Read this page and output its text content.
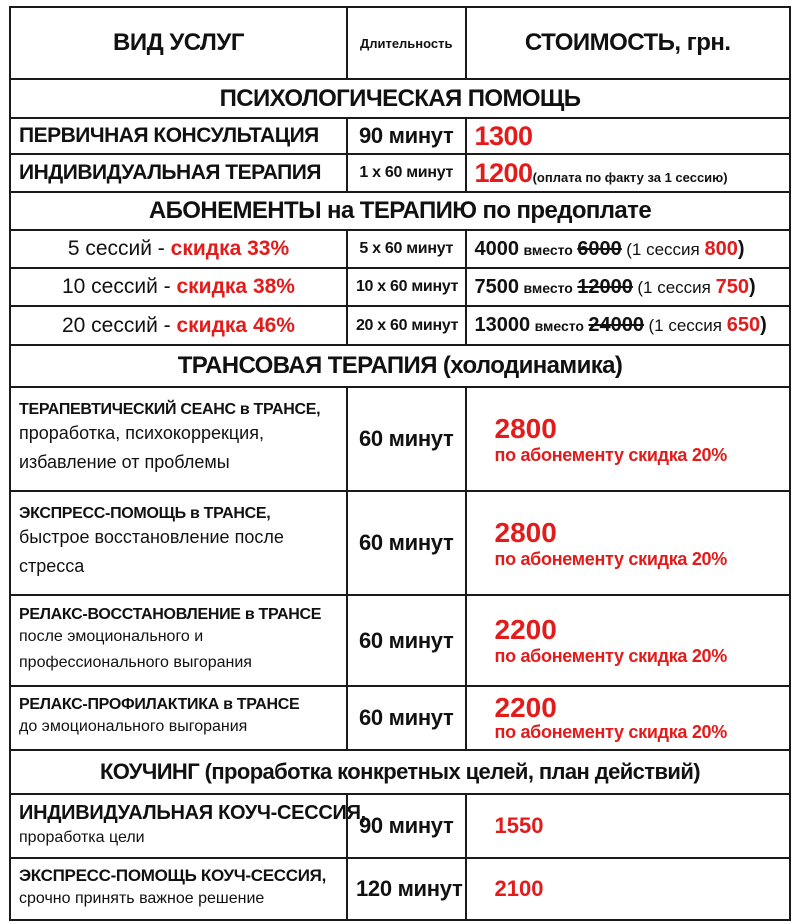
ВИД УСЛУГ	Длительность	СТОИМОСТЬ, грн.
ПСИХОЛОГИЧЕСКАЯ ПОМОЩЬ		
ПЕРВИЧНАЯ КОНСУЛЬТАЦИЯ	90 минут	1300
ИНДИВИДУАЛЬНАЯ ТЕРАПИЯ	1 х 60 минут	1200(оплата по факту за 1 сессию)
АБОНЕМЕНТЫ на ТЕРАПИЮ по предоплате		
5 сессий - скидка 33%	5 х 60 минут	4000 вместо 6000 (1 сессия 800)
10 сессий - скидка 38%	10 х 60 минут	7500 вместо 12000 (1 сессия 750)
20 сессий - скидка 46%	20 х 60 минут	13000 вместо 24000 (1 сессия 650)
ТРАНСОВАЯ ТЕРАПИЯ (холодинамика)		

ТЕРАПЕВТИЧЕСКИЙ СЕАНС в ТРАНСЕ,
проработка, психокоррекция,
избавление от проблемы	60 минут	2800
по абонементу скидка 20%

ЭКСПРЕСС-ПОМОЩЬ в ТРАНСЕ,
быстрое восстановление после
стресса	60 минут	2800
по абонементу скидка 20%

РЕЛАКС-ВОССТАНОВЛЕНИЕ в ТРАНСЕ
после эмоционального и
профессионального выгорания	60 минут	2200
по абонементу скидка 20%

РЕЛАКС-ПРОФИЛАКТИКА в ТРАНСЕ
до эмоционального выгорания	60 минут	2200
по абонементу скидка 20%

КОУЧИНГ (проработка конкретных целей, план действий)		

ИНДИВИДУАЛЬНАЯ КОУЧ-СЕССИЯ,
проработка цели	90 минут	1550

ЭКСПРЕСС-ПОМОЩЬ КОУЧ-СЕССИЯ,
срочно принять важное решение	120 минут	2100
